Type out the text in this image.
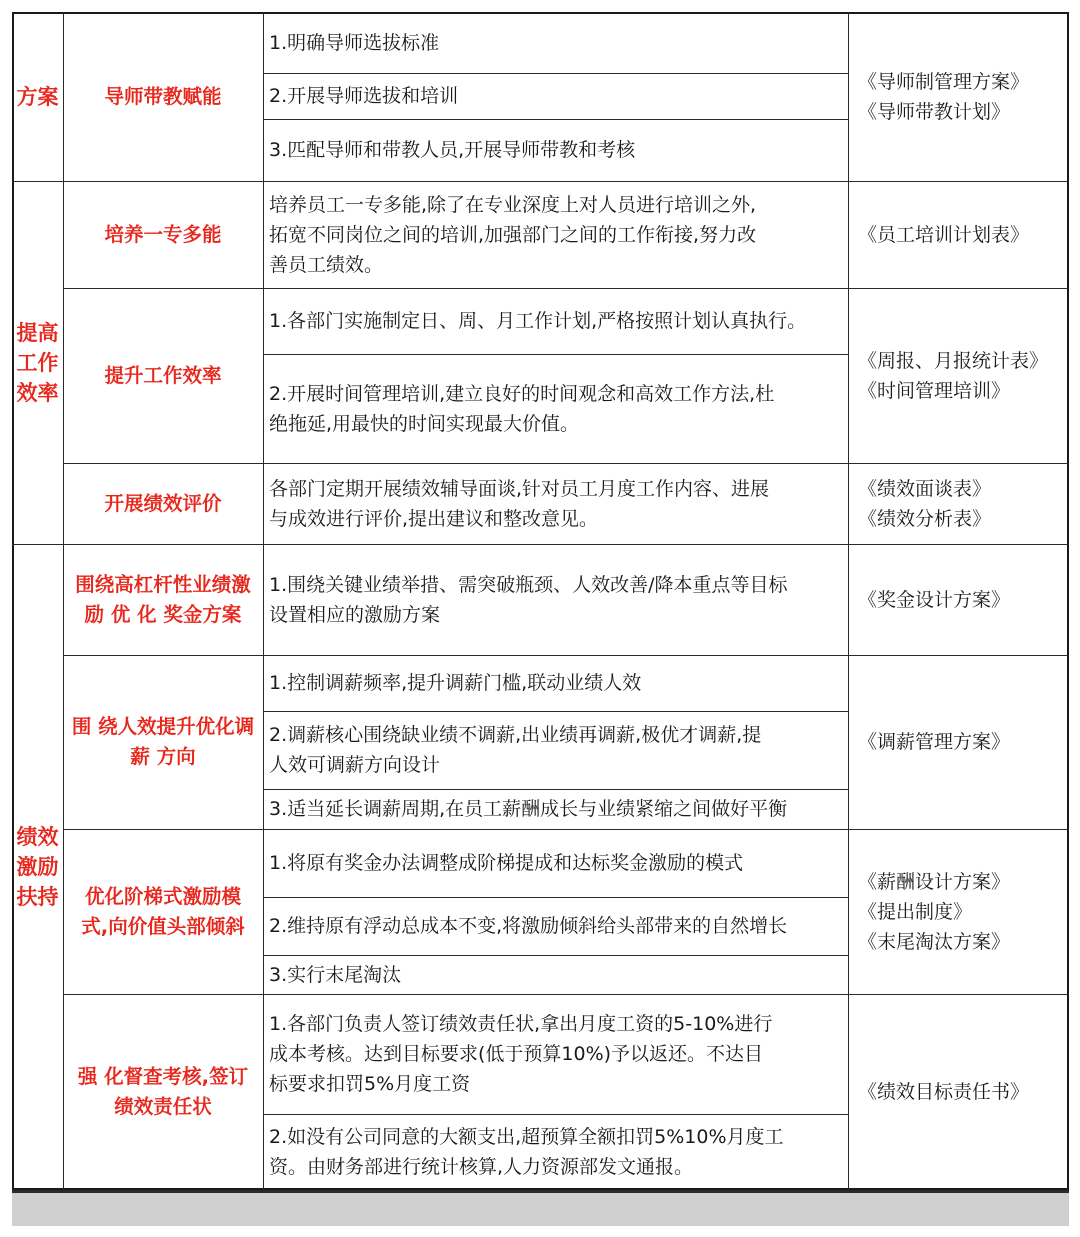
方案
提高
工作
效率
绩效
激励
扶持
导师带教赋能
培养一专多能
提升工作效率
开展绩效评价
围绕高杠杆性业绩激
励 优 化 奖金方案
围 绕人效提升优化调
薪 方向
优化阶梯式激励模
式,向价值头部倾斜
强 化督查考核,签订
绩效责任状
1.明确导师选拔标准
2.开展导师选拔和培训
3.匹配导师和带教人员,开展导师带教和考核
培养员工一专多能,除了在专业深度上对人员进行培训之外,
拓宽不同岗位之间的培训,加强部门之间的工作衔接,努力改
善员工绩效。
1.各部门实施制定日、周、月工作计划,严格按照计划认真执行。
2.开展时间管理培训,建立良好的时间观念和高效工作方法,杜
绝拖延,用最快的时间实现最大价值。
各部门定期开展绩效辅导面谈,针对员工月度工作内容、进展
与成效进行评价,提出建议和整改意见。
1.围绕关键业绩举措、需突破瓶颈、人效改善/降本重点等目标
设置相应的激励方案
1.控制调薪频率,提升调薪门槛,联动业绩人效
2.调薪核心围绕缺业绩不调薪,出业绩再调薪,极优才调薪,提
人效可调薪方向设计
3.适当延长调薪周期,在员工薪酬成长与业绩紧缩之间做好平衡
1.将原有奖金办法调整成阶梯提成和达标奖金激励的模式
2.维持原有浮动总成本不变,将激励倾斜给头部带来的自然增长
3.实行末尾淘汰
1.各部门负责人签订绩效责任状,拿出月度工资的5-10%进行
成本考核。达到目标要求(低于预算10%)予以返还。不达目
标要求扣罚5%月度工资
2.如没有公司同意的大额支出,超预算全额扣罚5%10%月度工
资。由财务部进行统计核算,人力资源部发文通报。
《导师制管理方案》
《导师带教计划》
《员工培训计划表》
《周报、月报统计表》
《时间管理培训》
《绩效面谈表》
《绩效分析表》
《奖金设计方案》
《调薪管理方案》
《薪酬设计方案》
《提出制度》
《末尾淘汰方案》
《绩效目标责任书》
